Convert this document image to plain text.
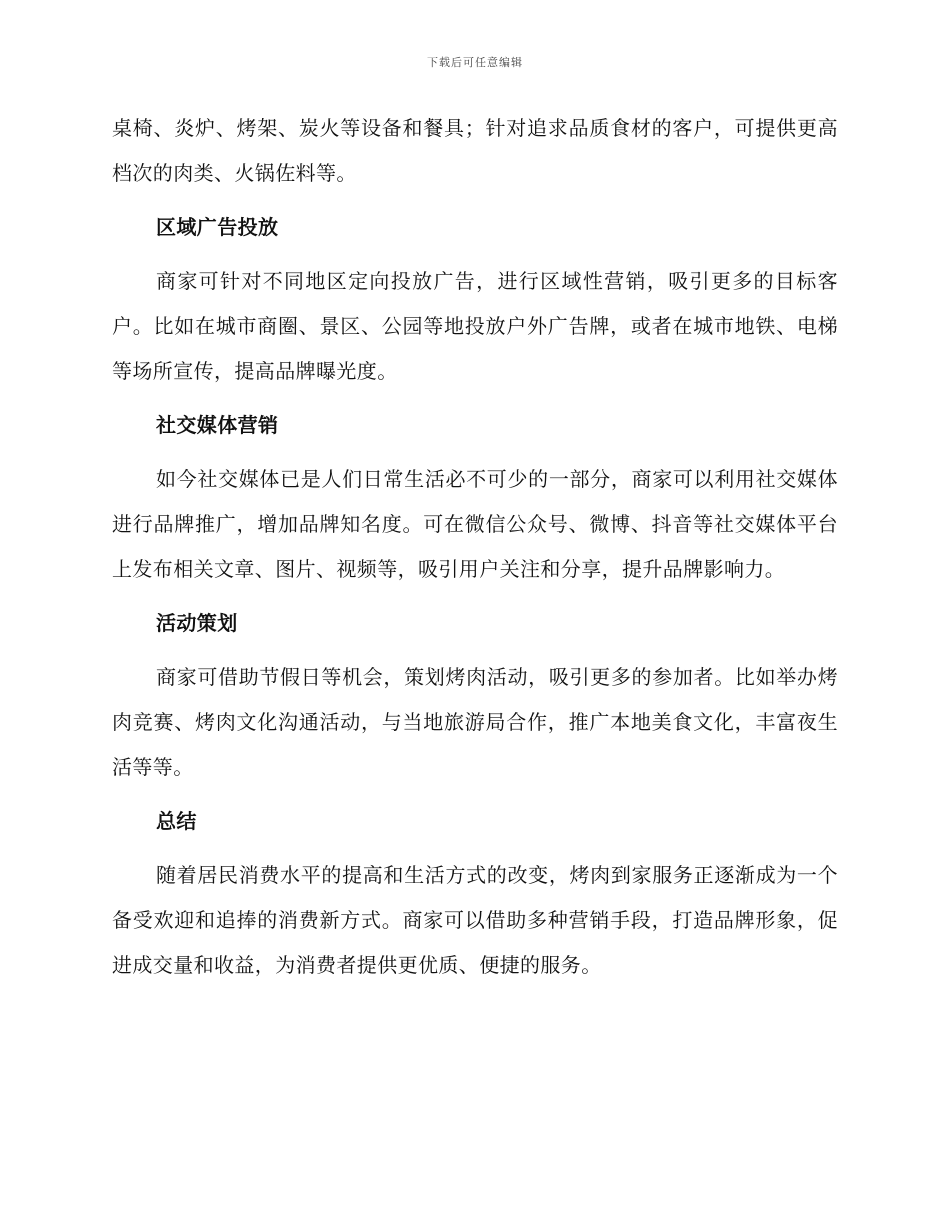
下载后可任意编辑

桌椅、炎炉、烤架、炭火等设备和餐具；针对追求品质食材的客户，可提供更高档次的肉类、火锅佐料等。

区域广告投放

商家可针对不同地区定向投放广告，进行区域性营销，吸引更多的目标客户。比如在城市商圈、景区、公园等地投放户外广告牌，或者在城市地铁、电梯等场所宣传，提高品牌曝光度。

社交媒体营销

如今社交媒体已是人们日常生活必不可少的一部分，商家可以利用社交媒体进行品牌推广，增加品牌知名度。可在微信公众号、微博、抖音等社交媒体平台上发布相关文章、图片、视频等，吸引用户关注和分享，提升品牌影响力。

活动策划

商家可借助节假日等机会，策划烤肉活动，吸引更多的参加者。比如举办烤肉竞赛、烤肉文化沟通活动，与当地旅游局合作，推广本地美食文化，丰富夜生活等等。

总结

随着居民消费水平的提高和生活方式的改变，烤肉到家服务正逐渐成为一个备受欢迎和追捧的消费新方式。商家可以借助多种营销手段，打造品牌形象，促进成交量和收益，为消费者提供更优质、便捷的服务。
